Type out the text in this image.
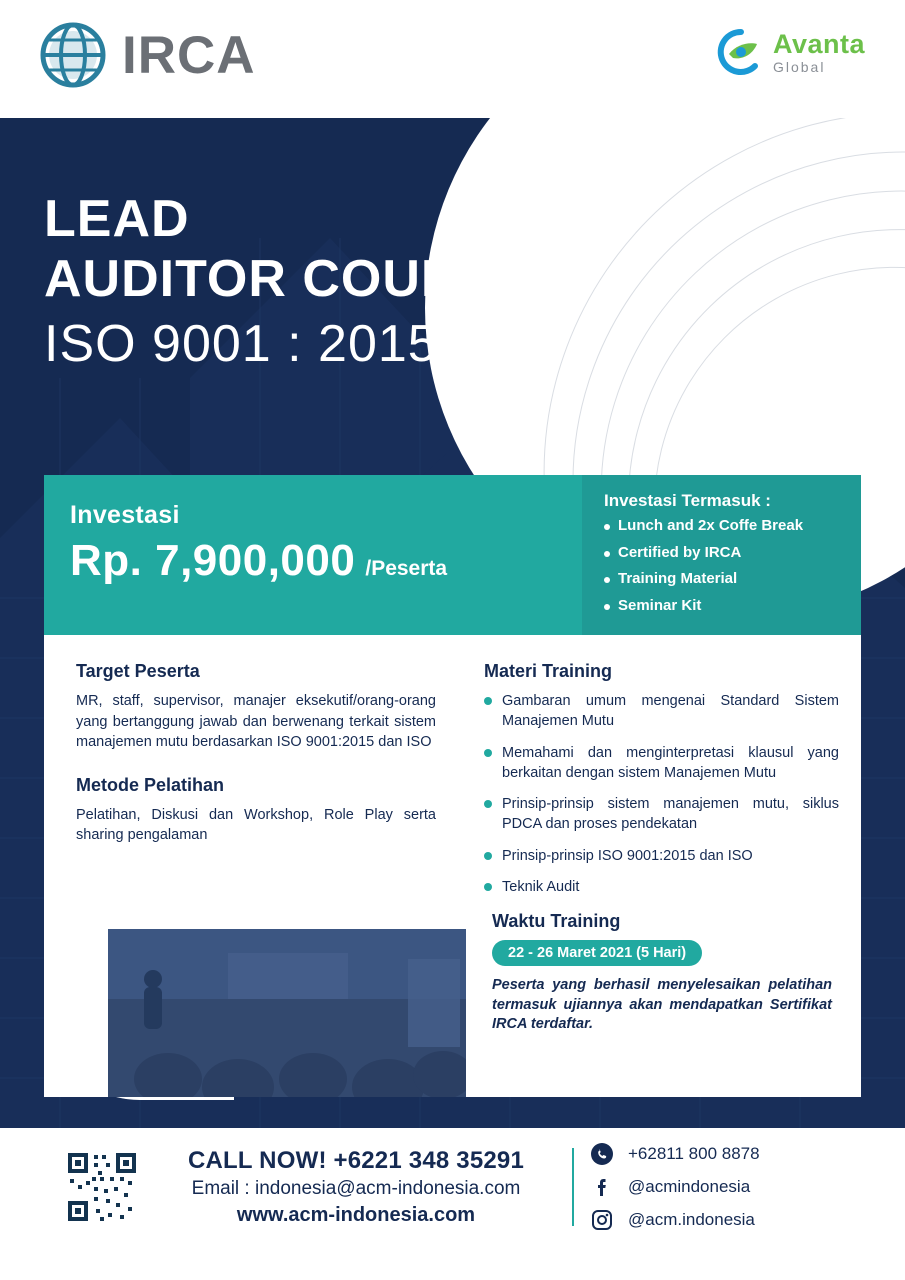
IRCA	Avanta
Global
LEAD
AUDITOR COURSE
ISO 9001 : 2015
Investasi
Rp. 7,900,000 /Peserta
Investasi Termasuk :
Lunch and 2x Coffe Break
Certified by IRCA
Training Material
Seminar Kit
Target Peserta
MR, staff, supervisor, manajer eksekutif/orang-orang yang bertanggung jawab dan berwenang terkait sistem manajemen mutu berdasarkan ISO 9001:2015 dan ISO
Metode Pelatihan
Pelatihan, Diskusi dan Workshop, Role Play serta sharing pengalaman
Materi Training
Gambaran umum mengenai Standard Sistem Manajemen Mutu
Memahami dan menginterpretasi klausul yang berkaitan dengan sistem Manajemen Mutu
Prinsip-prinsip sistem manajemen mutu, siklus PDCA dan proses pendekatan
Prinsip-prinsip ISO 9001:2015 dan ISO
Teknik Audit
Waktu Training
22 - 26 Maret 2021 (5 Hari)
Peserta yang berhasil menyelesaikan pelatihan termasuk ujiannya akan mendapatkan Sertifikat IRCA terdaftar.
CALL NOW! +6221 348 35291
Email : indonesia@acm-indonesia.com
www.acm-indonesia.com
+62811 800 8878
@acmindonesia
@acm.indonesia
